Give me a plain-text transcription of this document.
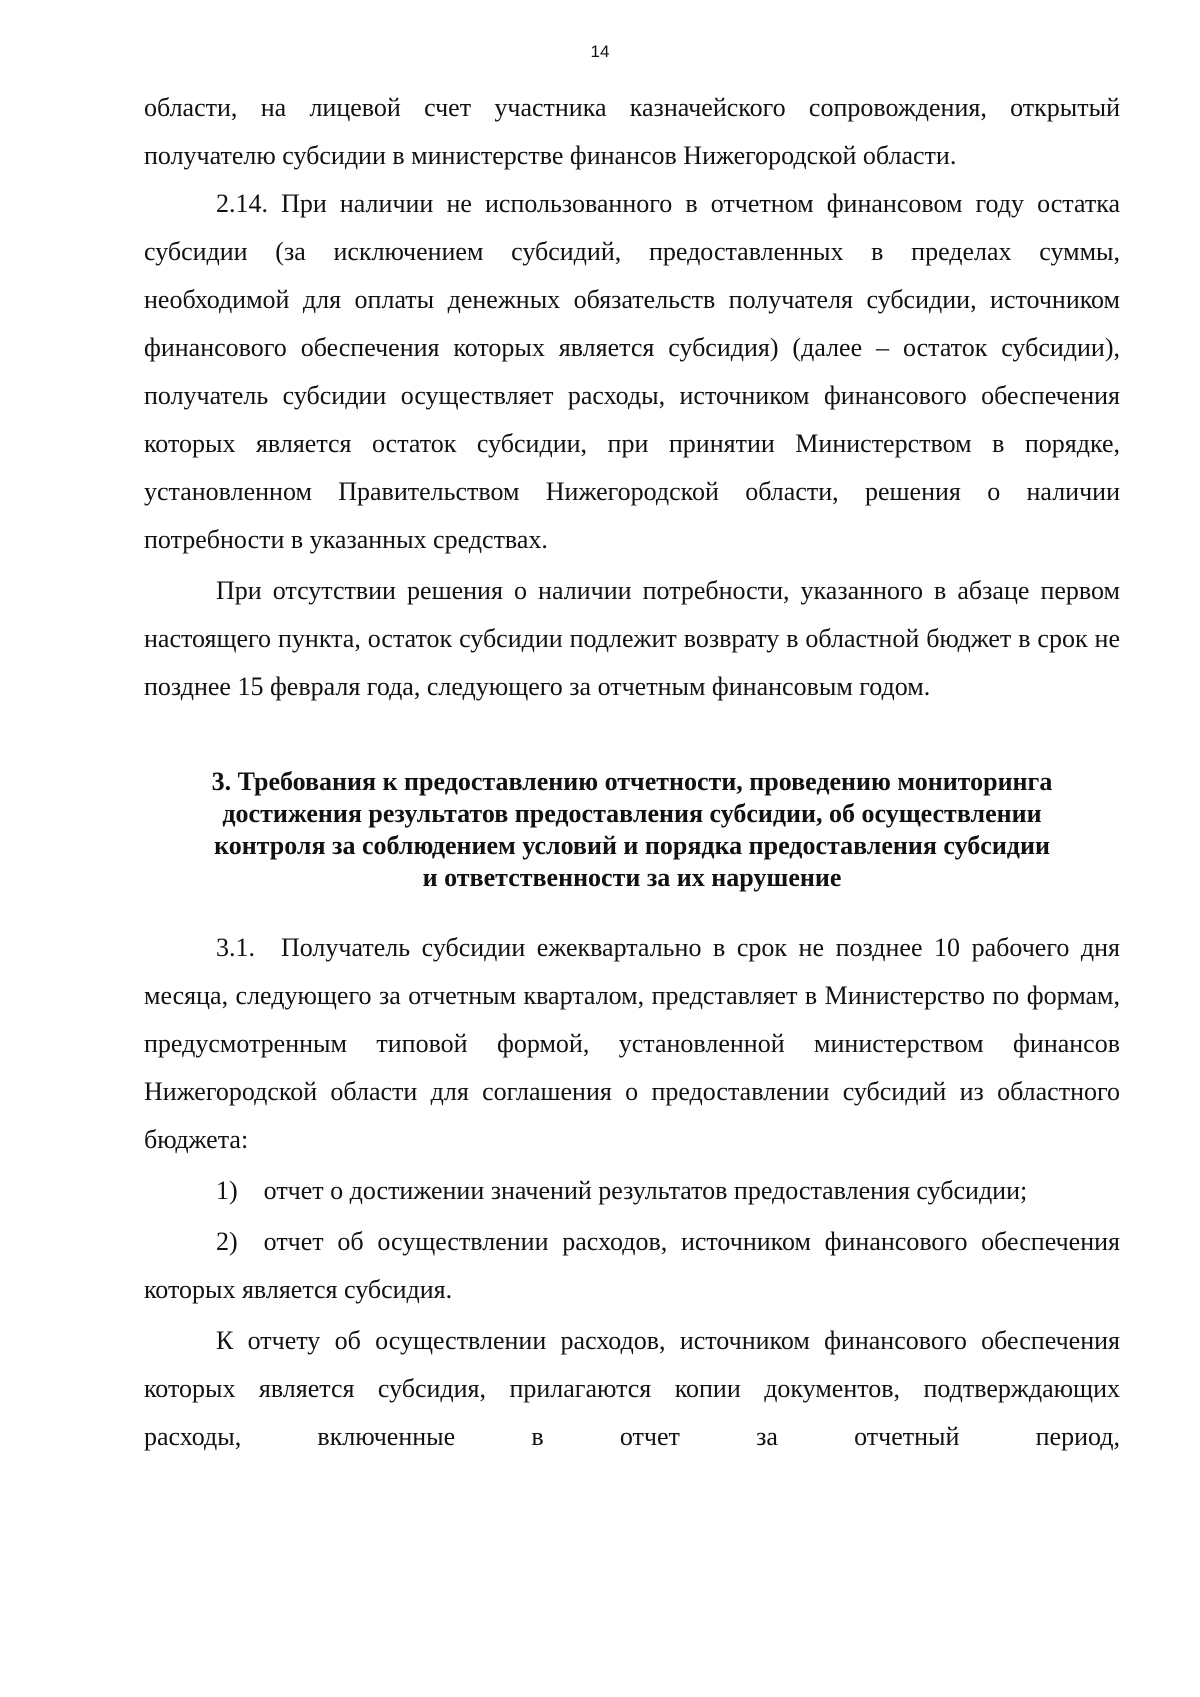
14

области, на лицевой счет участника казначейского сопровождения, открытый получателю субсидии в министерстве финансов Нижегородской области.

2.14. При наличии не использованного в отчетном финансовом году остатка субсидии (за исключением субсидий, предоставленных в пределах суммы, необходимой для оплаты денежных обязательств получателя субсидии, источником финансового обеспечения которых является субсидия) (далее – остаток субсидии), получатель субсидии осуществляет расходы, источником финансового обеспечения которых является остаток субсидии, при принятии Министерством в порядке, установленном Правительством Нижегородской области, решения о наличии потребности в указанных средствах.

При отсутствии решения о наличии потребности, указанного в абзаце первом настоящего пункта, остаток субсидии подлежит возврату в областной бюджет в срок не позднее 15 февраля года, следующего за отчетным финансовым годом.

3. Требования к предоставлению отчетности, проведению мониторинга
достижения результатов предоставления субсидии, об осуществлении
контроля за соблюдением условий и порядка предоставления субсидии
и ответственности за их нарушение

3.1. Получатель субсидии ежеквартально в срок не позднее 10 рабочего дня месяца, следующего за отчетным кварталом, представляет в Министерство по формам, предусмотренным типовой формой, установленной министерством финансов Нижегородской области для соглашения о предоставлении субсидий из областного бюджета:

1) отчет о достижении значений результатов предоставления субсидии;

2) отчет об осуществлении расходов, источником финансового обеспечения которых является субсидия.

К отчету об осуществлении расходов, источником финансового обеспечения которых является субсидия, прилагаются копии документов, подтверждающих расходы, включенные в отчет за отчетный период,
